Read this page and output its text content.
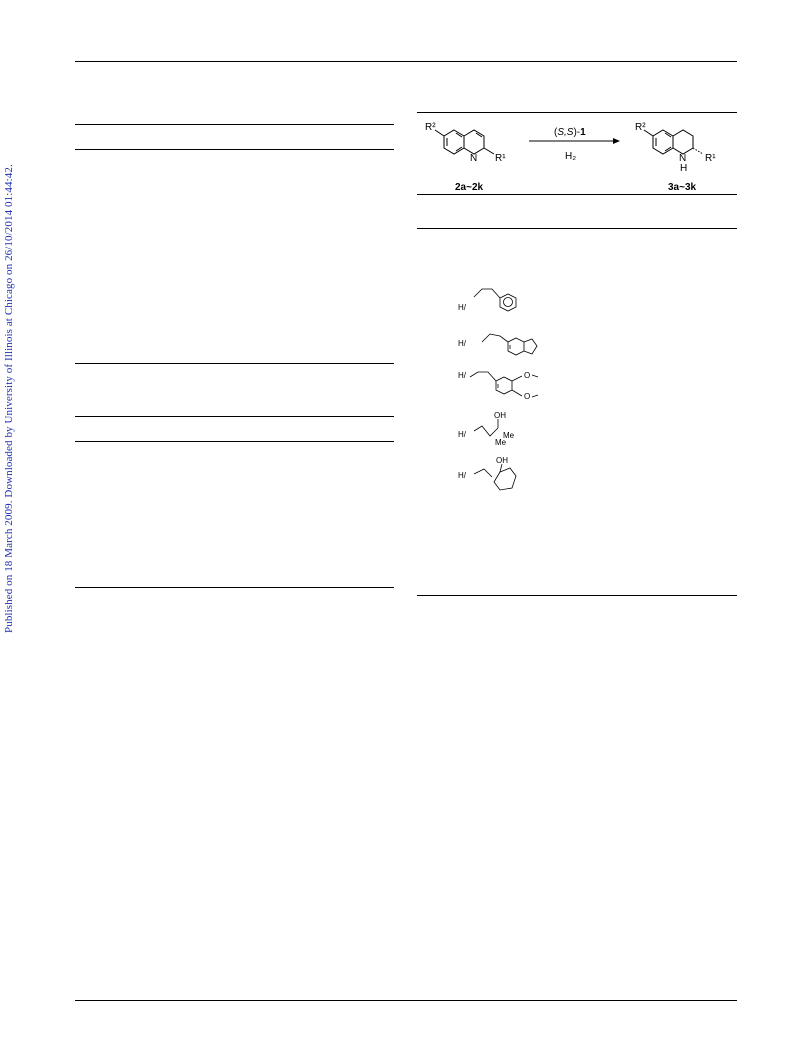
Published on 18 March 2009. Downloaded by University of Illinois at Chicago on 26/10/2014 01:44:42.
R²
N R¹
(S,S)-1
H₂
R²
N
H
R¹
2a~2k	3a~3k
H/
H/
H/	O
O
H/
OH
Me
Me
H/
OH
